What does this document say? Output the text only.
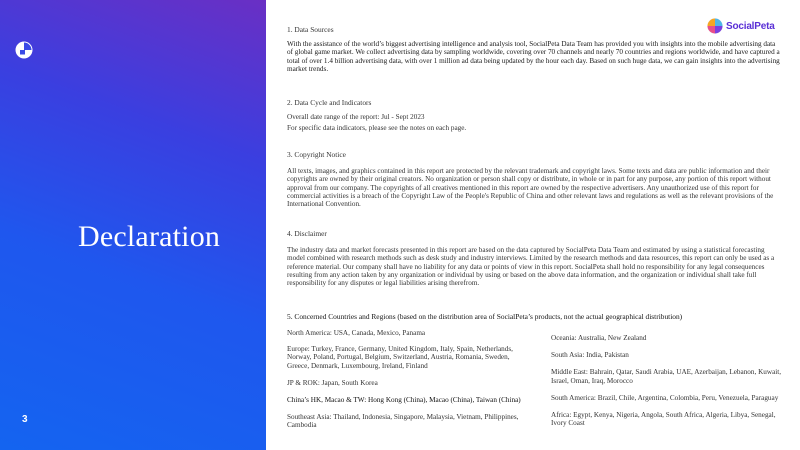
Declaration
3
SocialPeta
1. Data Sources

With the assistance of the world’s biggest advertising intelligence and analysis tool, SocialPeta Data Team has provided you with insights into the mobile advertising data of global game market. We collect advertising data by sampling worldwide, covering over 70 channels and nearly 70 countries and regions worldwide, and have captured a total of over 1.4 billion advertising data, with over 1 million ad data being updated by the hour each day. Based on such huge data, we can gain insights into the advertising market trends.

2. Data Cycle and Indicators

Overall date range of the report: Jul - Sept 2023

For specific data indicators, please see the notes on each page.

3. Copyright Notice

All texts, images, and graphics contained in this report are protected by the relevant trademark and copyright laws. Some texts and data are public information and their copyrights are owned by their original creators. No organization or person shall copy or distribute, in whole or in part for any purpose, any portion of this report without approval from our company. The copyrights of all creatives mentioned in this report are owned by the respective advertisers. Any unauthorized use of this report for commercial activities is a breach of the Copyright Law of the People's Republic of China and other relevant laws and regulations as well as the relevant provisions of the International Convention.

4. Disclaimer

The industry data and market forecasts presented in this report are based on the data captured by SocialPeta Data Team and estimated by using a statistical forecasting model combined with research methods such as desk study and industry interviews. Limited by the research methods and data resources, this report can only be used as a reference material. Our company shall have no liability for any data or points of view in this report. SocialPeta shall hold no responsibility for any legal consequences resulting from any action taken by any organization or individual by using or based on the above data information, and the organization or individual shall take full responsibility for any disputes or legal liabilities arising therefrom.

5. Concerned Countries and Regions (based on the distribution area of SocialPeta’s products, not the actual geographical distribution)
North America: USA, Canada, Mexico, Panama
Europe: Turkey, France, Germany, United Kingdom, Italy, Spain, Netherlands, Norway, Poland, Portugal, Belgium, Switzerland, Austria, Romania, Sweden, Greece, Denmark, Luxembourg, Ireland, Finland
JP & ROK: Japan, South Korea
China’s HK, Macao & TW: Hong Kong (China), Macao (China), Taiwan (China)
Southeast Asia: Thailand, Indonesia, Singapore, Malaysia, Vietnam, Philippines, Cambodia
Oceania: Australia, New Zealand
South Asia: India, Pakistan
Middle East: Bahrain, Qatar, Saudi Arabia, UAE, Azerbaijan, Lebanon, Kuwait, Israel, Oman, Iraq, Morocco
South America: Brazil, Chile, Argentina, Colombia, Peru, Venezuela, Paraguay
Africa: Egypt, Kenya, Nigeria, Angola, South Africa, Algeria, Libya, Senegal, Ivory Coast
